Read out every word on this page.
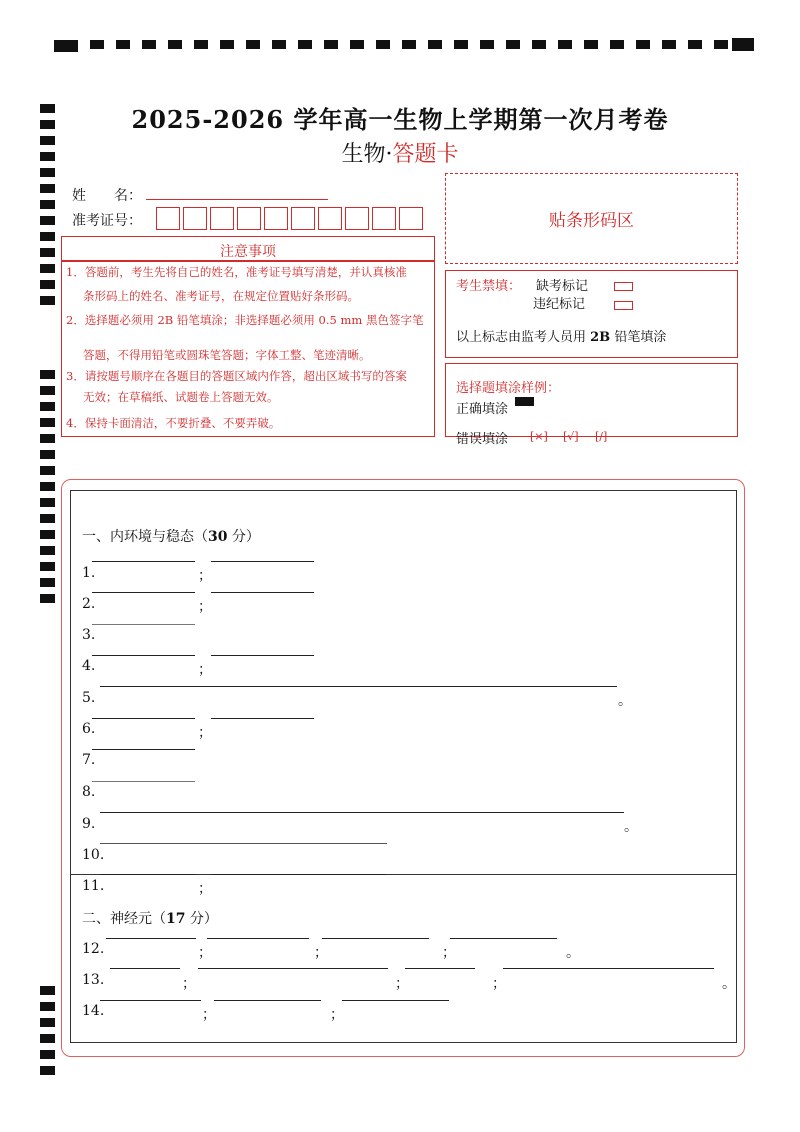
2025-2026 学年高一生物上学期第一次月考卷
生物·答题卡
姓　　名：
准考证号：	贴条形码区
注意事项
1．答题前，考生先将自己的姓名，准考证号填写清楚，并认真核准
条形码上的姓名、准考证号，在规定位置贴好条形码。
2．选择题必须用 2B 铅笔填涂；非选择题必须用 0.5 mm 黑色签字笔
答题，不得用铅笔或圆珠笔答题；字体工整、笔迹清晰。
3．请按题号顺序在各题目的答题区域内作答，超出区域书写的答案
无效；在草稿纸、试题卷上答题无效。
4．保持卡面清洁，不要折叠、不要弄破。
考生禁填： 缺考标记
违纪标记
以上标志由监考人员用 2B 铅笔填涂
选择题填涂样例：
正确填涂
错误填涂 [×] [√] [/]
一、内环境与稳态（30 分）
1.	；
2.	；
3.
4.	；
5.	。
6.	；
7.
8.
9.	。
10.
11.	；
二、神经元（17 分）
12.	；	；	；	。
13.	；	；	；	。
14.	；	；
